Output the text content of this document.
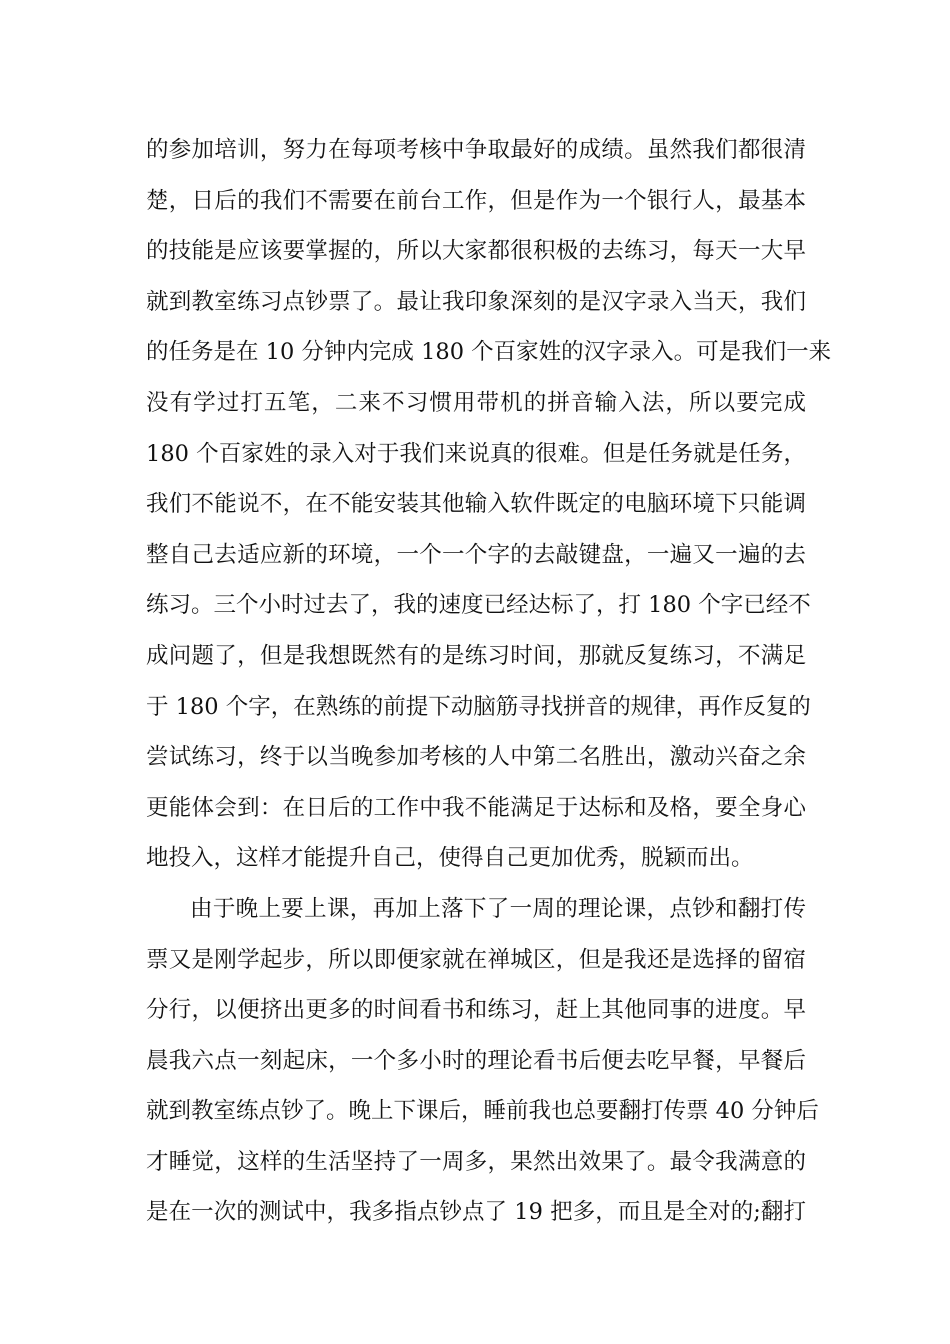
的参加培训，努力在每项考核中争取最好的成绩。虽然我们都很清
楚，日后的我们不需要在前台工作，但是作为一个银行人，最基本
的技能是应该要掌握的，所以大家都很积极的去练习，每天一大早
就到教室练习点钞票了。最让我印象深刻的是汉字录入当天，我们
的任务是在 10 分钟内完成 180 个百家姓的汉字录入。可是我们一来
没有学过打五笔，二来不习惯用带机的拼音输入法，所以要完成
180 个百家姓的录入对于我们来说真的很难。但是任务就是任务，
我们不能说不，在不能安装其他输入软件既定的电脑环境下只能调
整自己去适应新的环境，一个一个字的去敲键盘，一遍又一遍的去
练习。三个小时过去了，我的速度已经达标了，打 180 个字已经不
成问题了，但是我想既然有的是练习时间，那就反复练习，不满足
于 180 个字，在熟练的前提下动脑筋寻找拼音的规律，再作反复的
尝试练习，终于以当晚参加考核的人中第二名胜出，激动兴奋之余
更能体会到：在日后的工作中我不能满足于达标和及格，要全身心
地投入，这样才能提升自己，使得自己更加优秀，脱颖而出。
由于晚上要上课，再加上落下了一周的理论课，点钞和翻打传
票又是刚学起步，所以即便家就在禅城区，但是我还是选择的留宿
分行，以便挤出更多的时间看书和练习，赶上其他同事的进度。早
晨我六点一刻起床，一个多小时的理论看书后便去吃早餐，早餐后
就到教室练点钞了。晚上下课后，睡前我也总要翻打传票 40 分钟后
才睡觉，这样的生活坚持了一周多，果然出效果了。最令我满意的
是在一次的测试中，我多指点钞点了 19 把多，而且是全对的;翻打
